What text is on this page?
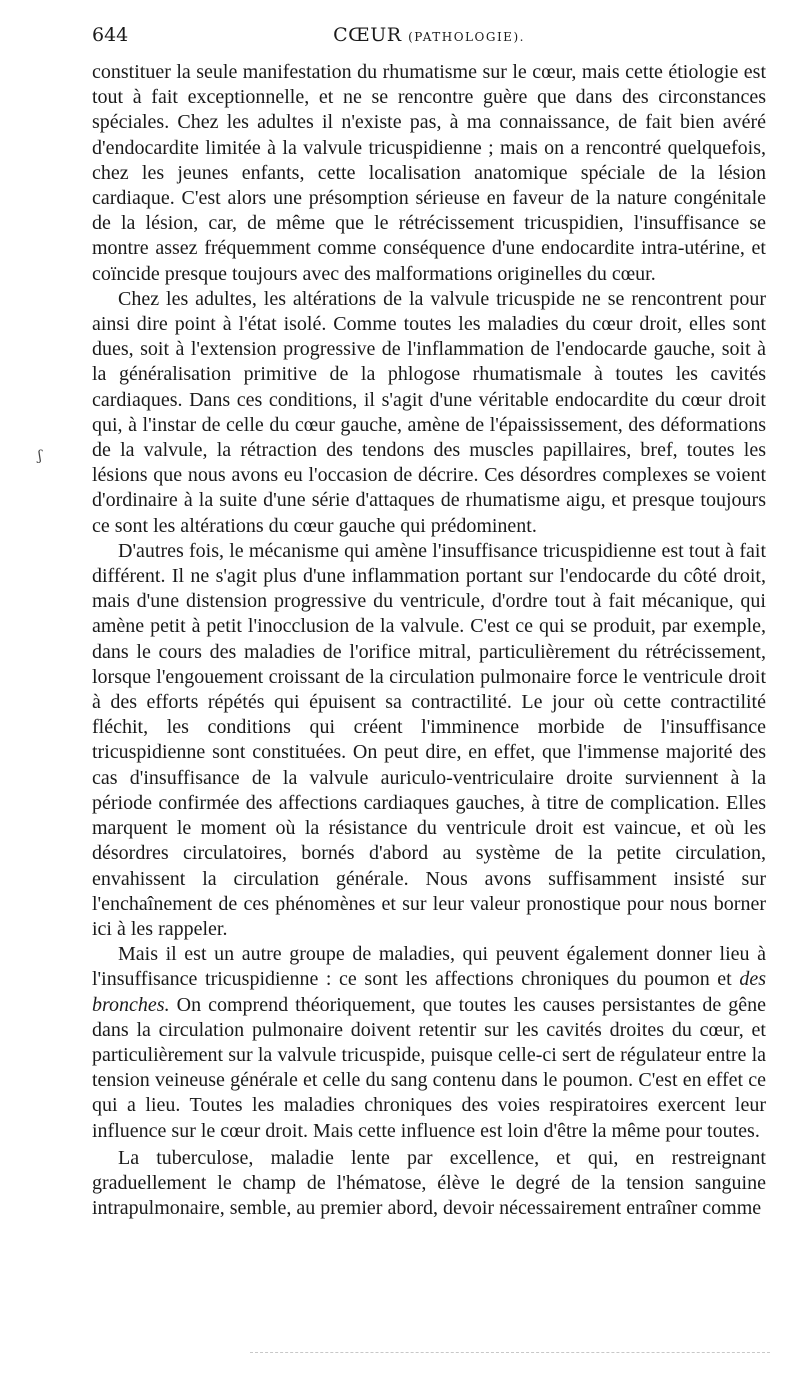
644	CŒUR (PATHOLOGIE).

constituer la seule manifestation du rhumatisme sur le cœur, mais cette étiologie est tout à fait exceptionnelle, et ne se rencontre guère que dans des circonstances spéciales. Chez les adultes il n'existe pas, à ma connaissance, de fait bien avéré d'endocardite limitée à la valvule tricuspidienne ; mais on a rencontré quelquefois, chez les jeunes enfants, cette localisation anatomique spéciale de la lésion cardiaque. C'est alors une présomption sérieuse en faveur de la nature congénitale de la lésion, car, de même que le rétrécissement tricuspidien, l'insuffisance se montre assez fréquemment comme conséquence d'une endocardite intra-utérine, et coïncide presque toujours avec des malformations originelles du cœur.

Chez les adultes, les altérations de la valvule tricuspide ne se rencontrent pour ainsi dire point à l'état isolé. Comme toutes les maladies du cœur droit, elles sont dues, soit à l'extension progressive de l'inflammation de l'endocarde gauche, soit à la généralisation primitive de la phlogose rhumatismale à toutes les cavités cardiaques. Dans ces conditions, il s'agit d'une véritable endocardite du cœur droit qui, à l'instar de celle du cœur gauche, amène de l'épaississement, des déformations de la valvule, la rétraction des tendons des muscles papillaires, bref, toutes les lésions que nous avons eu l'occasion de décrire. Ces désordres complexes se voient d'ordinaire à la suite d'une série d'attaques de rhumatisme aigu, et presque toujours ce sont les altérations du cœur gauche qui prédominent.

D'autres fois, le mécanisme qui amène l'insuffisance tricuspidienne est tout à fait différent. Il ne s'agit plus d'une inflammation portant sur l'endocarde du côté droit, mais d'une distension progressive du ventricule, d'ordre tout à fait mécanique, qui amène petit à petit l'inocclusion de la valvule. C'est ce qui se produit, par exemple, dans le cours des maladies de l'orifice mitral, particulièrement du rétrécissement, lorsque l'engouement croissant de la circulation pulmonaire force le ventricule droit à des efforts répétés qui épuisent sa contractilité. Le jour où cette contractilité fléchit, les conditions qui créent l'imminence morbide de l'insuffisance tricuspidienne sont constituées. On peut dire, en effet, que l'immense majorité des cas d'insuffisance de la valvule auriculo-ventriculaire droite surviennent à la période confirmée des affections cardiaques gauches, à titre de complication. Elles marquent le moment où la résistance du ventricule droit est vaincue, et où les désordres circulatoires, bornés d'abord au système de la petite circulation, envahissent la circulation générale. Nous avons suffisamment insisté sur l'enchaînement de ces phénomènes et sur leur valeur pronostique pour nous borner ici à les rappeler.

Mais il est un autre groupe de maladies, qui peuvent également donner lieu à l'insuffisance tricuspidienne : ce sont les affections chroniques du poumon et des bronches. On comprend théoriquement, que toutes les causes persistantes de gêne dans la circulation pulmonaire doivent retentir sur les cavités droites du cœur, et particulièrement sur la valvule tricuspide, puisque celle-ci sert de régulateur entre la tension veineuse générale et celle du sang contenu dans le poumon. C'est en effet ce qui a lieu. Toutes les maladies chroniques des voies respiratoires exercent leur influence sur le cœur droit. Mais cette influence est loin d'être la même pour toutes.

La tuberculose, maladie lente par excellence, et qui, en restreignant graduellement le champ de l'hématose, élève le degré de la tension sanguine intrapulmonaire, semble, au premier abord, devoir nécessairement entraîner comme

ʃ
